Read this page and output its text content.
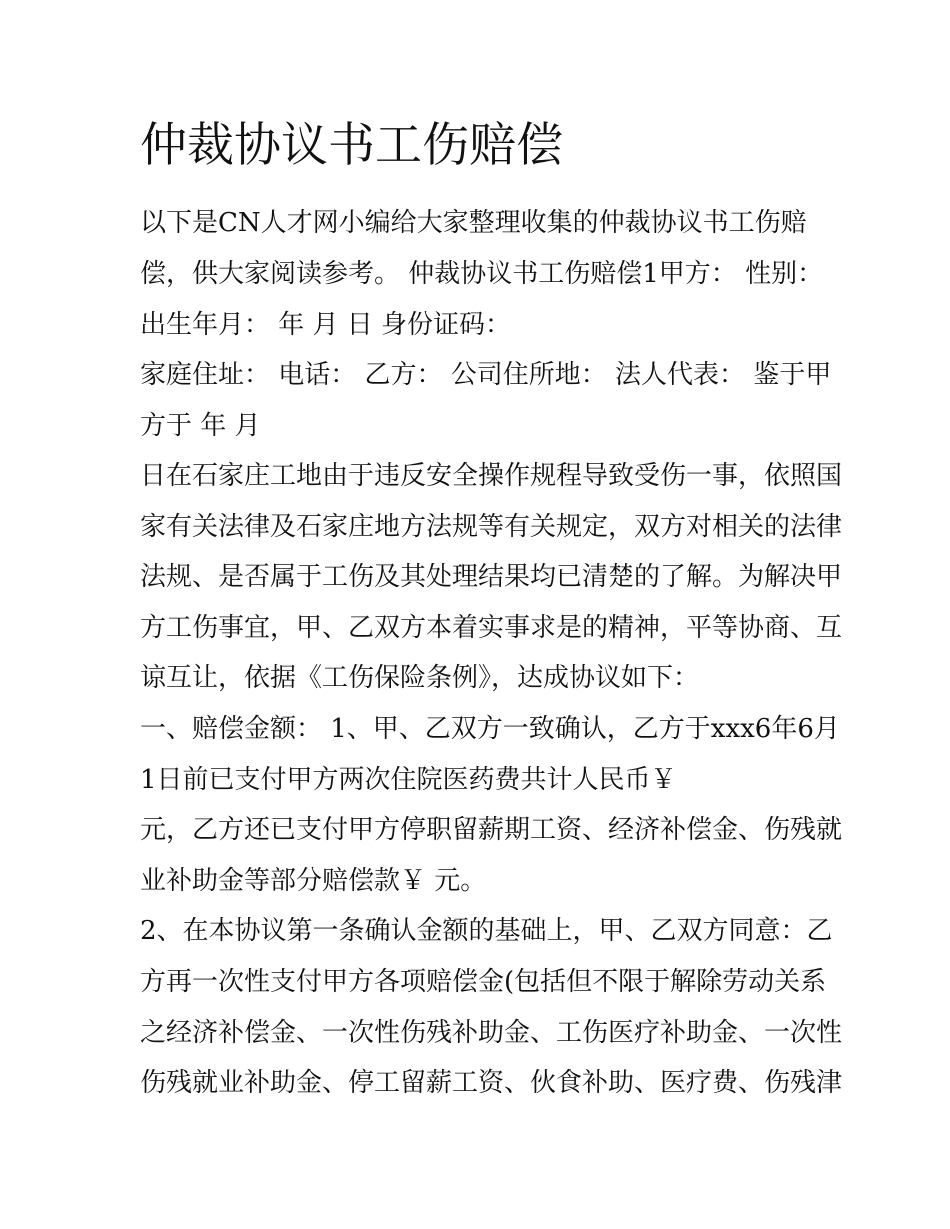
仲裁协议书工伤赔偿
以下是CN人才网小编给大家整理收集的仲裁协议书工伤赔
偿，供大家阅读参考。 仲裁协议书工伤赔偿1甲方： 性别：
出生年月： 年 月 日 身份证码：
家庭住址： 电话： 乙方： 公司住所地： 法人代表： 鉴于甲
方于 年 月
日在石家庄工地由于违反安全操作规程导致受伤一事，依照国
家有关法律及石家庄地方法规等有关规定，双方对相关的法律
法规、是否属于工伤及其处理结果均已清楚的了解。为解决甲
方工伤事宜，甲、乙双方本着实事求是的精神，平等协商、互
谅互让，依据《工伤保险条例》，达成协议如下：
一、赔偿金额： 1、甲、乙双方一致确认，乙方于xxx6年6月
1日前已支付甲方两次住院医药费共计人民币￥
元，乙方还已支付甲方停职留薪期工资、经济补偿金、伤残就
业补助金等部分赔偿款￥ 元。
2、在本协议第一条确认金额的基础上，甲、乙双方同意：乙
方再一次性支付甲方各项赔偿金(包括但不限于解除劳动关系
之经济补偿金、一次性伤残补助金、工伤医疗补助金、一次性
伤残就业补助金、停工留薪工资、伙食补助、医疗费、伤残津
